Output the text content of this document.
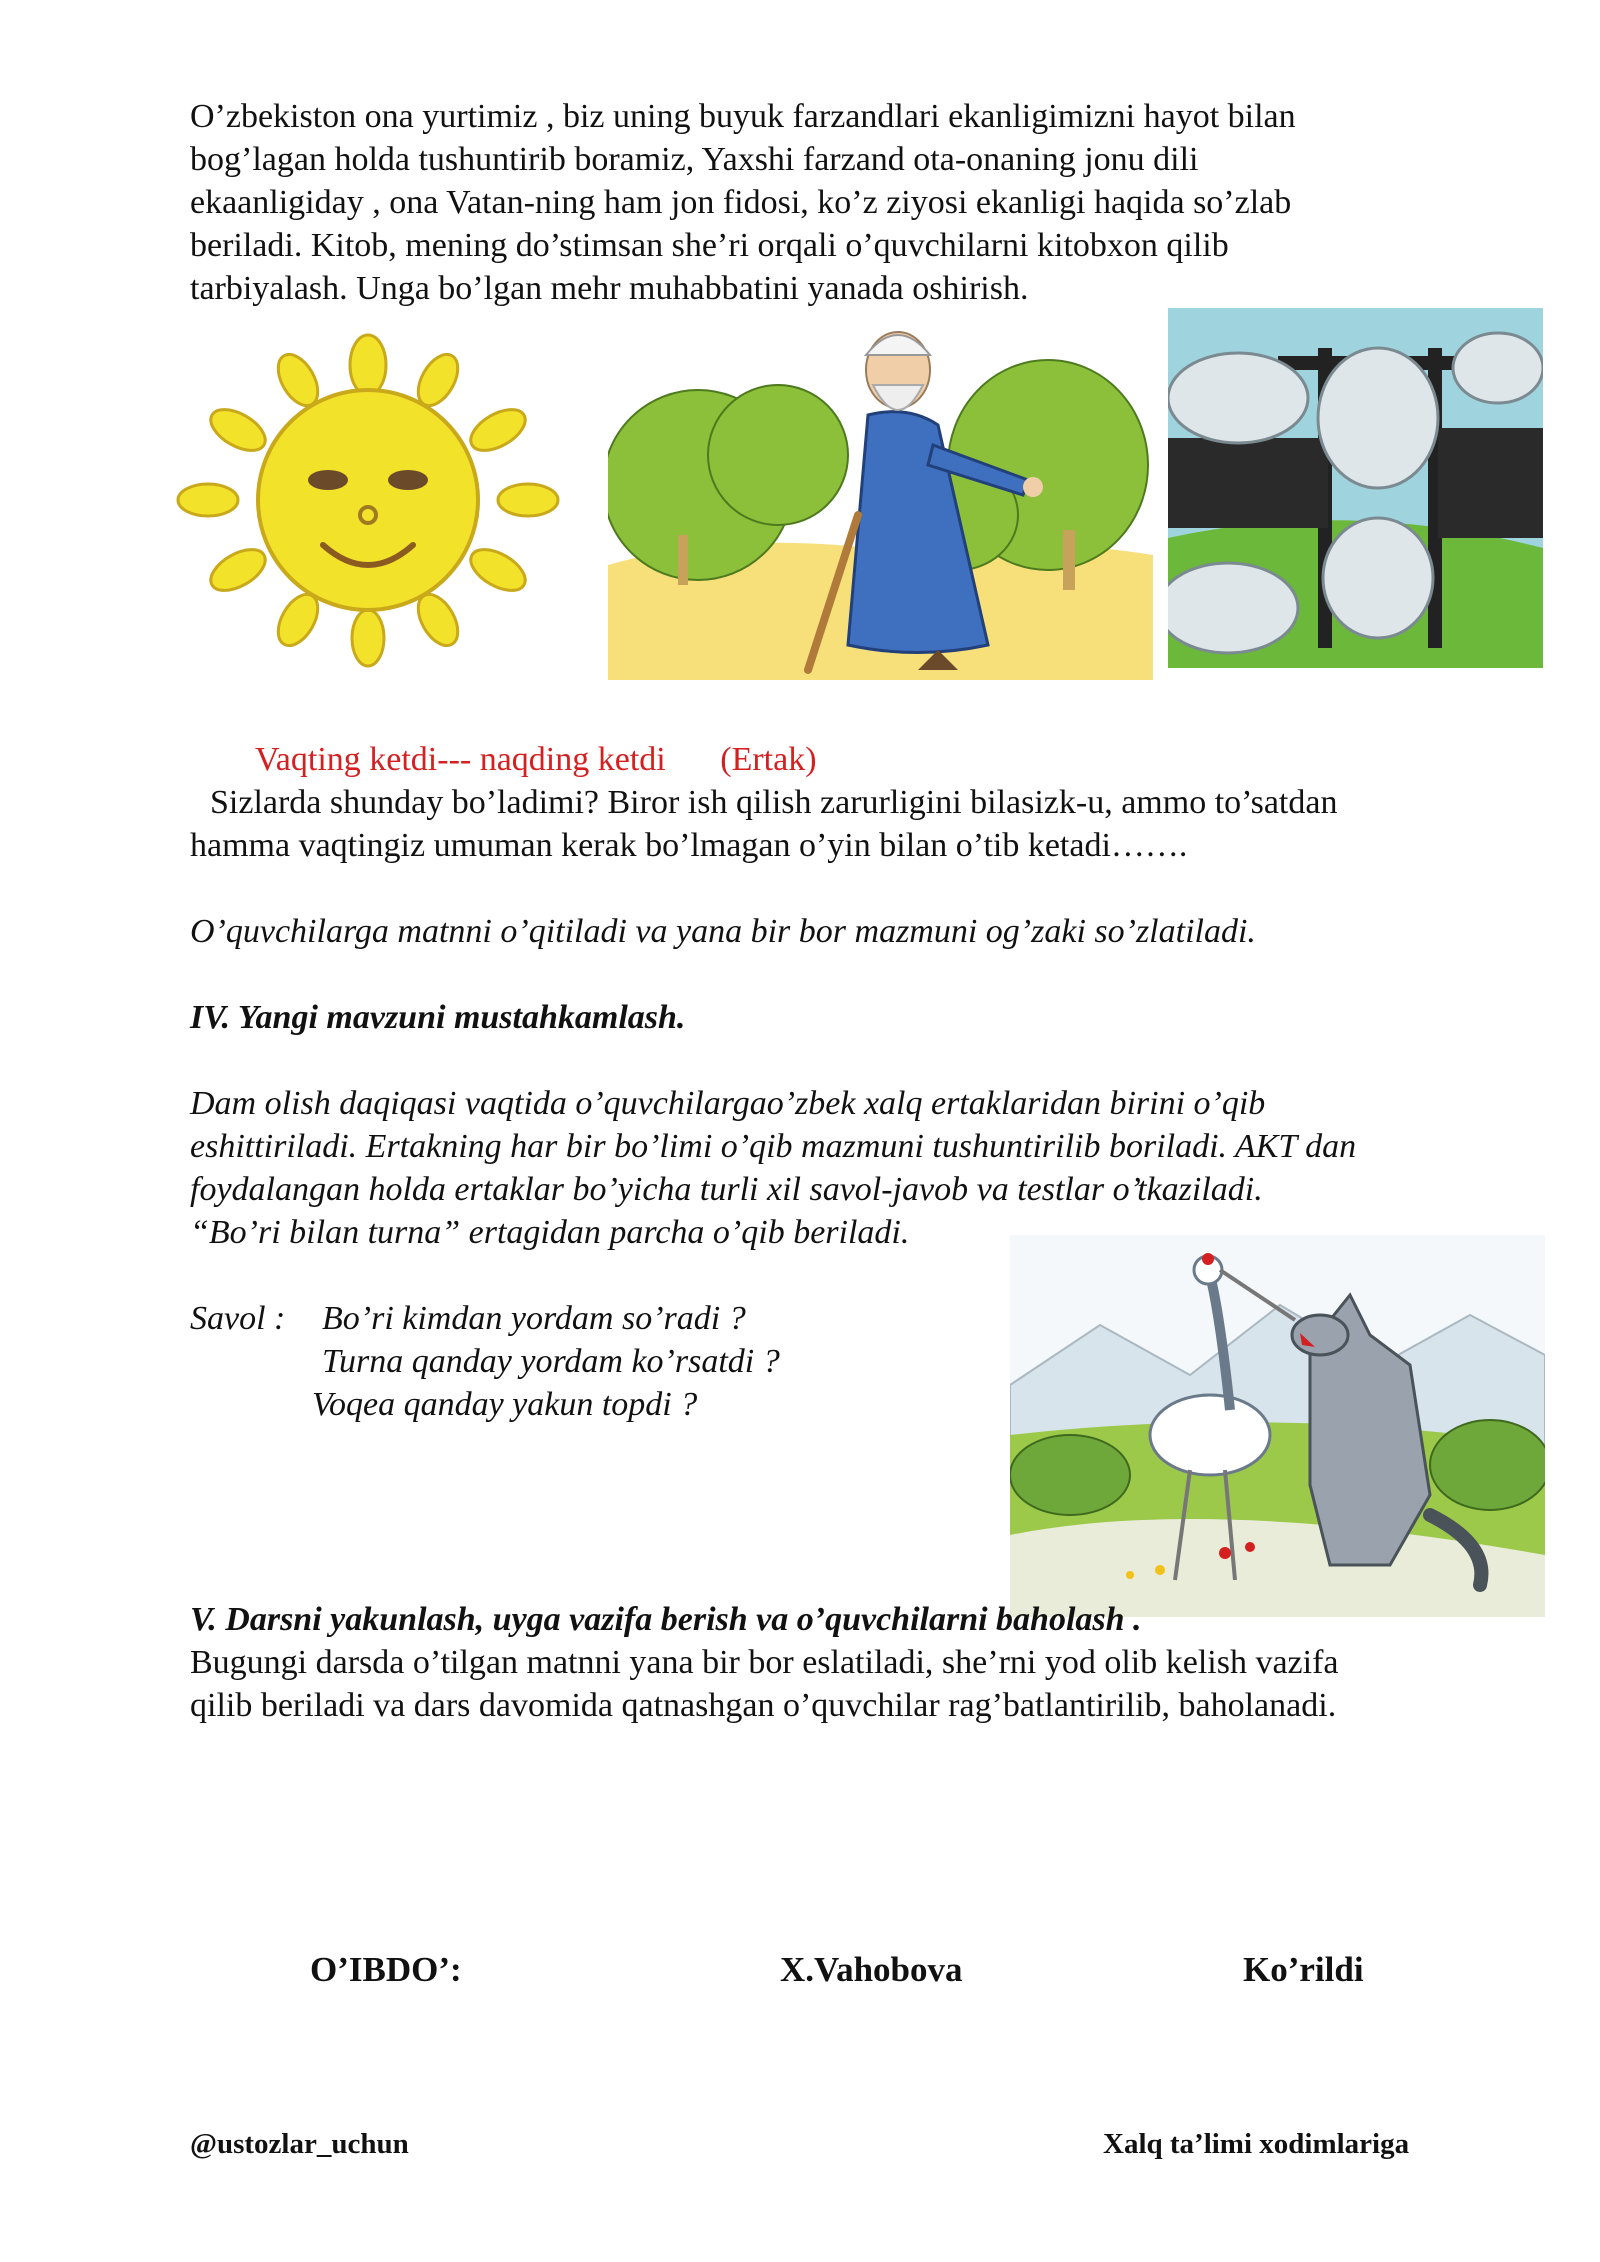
O’zbekiston ona yurtimiz , biz uning buyuk farzandlari ekanligimizni hayot bilan
bog’lagan holda tushuntirib boramiz, Yaxshi farzand ota-onaning jonu dili
ekaanligiday , ona Vatan-ning ham jon fidosi, ko’z ziyosi ekanligi haqida so’zlab
beriladi. Kitob, mening do’stimsan she’ri orqali o’quvchilarni kitobxon qilib
tarbiyalash. Unga bo’lgan mehr muhabbatini yanada oshirish.
Vaqting ketdi--- naqding ketdi (Ertak)
Sizlarda shunday bo’ladimi? Biror ish qilish zarurligini bilasizk-u, ammo to’satdan
hamma vaqtingiz umuman kerak bo’lmagan o’yin bilan o’tib ketadi…….
O’quvchilarga matnni o’qitiladi va yana bir bor mazmuni og’zaki so’zlatiladi.
IV. Yangi mavzuni mustahkamlash.
Dam olish daqiqasi vaqtida o’quvchilargao’zbek xalq ertaklaridan birini o’qib
eshittiriladi. Ertakning har bir bo’limi o’qib mazmuni tushuntirilib boriladi. AKT dan
foydalangan holda ertaklar bo’yicha turli xil savol-javob va testlar o’tkaziladi.
“Bo’ri bilan turna” ertagidan parcha o’qib beriladi.
Savol : Bo’ri kimdan yordam so’radi ?
Turna qanday yordam ko’rsatdi ?
Voqea qanday yakun topdi ?
V. Darsni yakunlash, uyga vazifa berish va o’quvchilarni baholash .
Bugungi darsda o’tilgan matnni yana bir bor eslatiladi, she’rni yod olib kelish vazifa
qilib beriladi va dars davomida qatnashgan o’quvchilar rag’batlantirilib, baholanadi.
O’IBDO’:	X.Vahobova	Ko’rildi
@ustozlar_uchun	Xalq ta’limi xodimlariga
